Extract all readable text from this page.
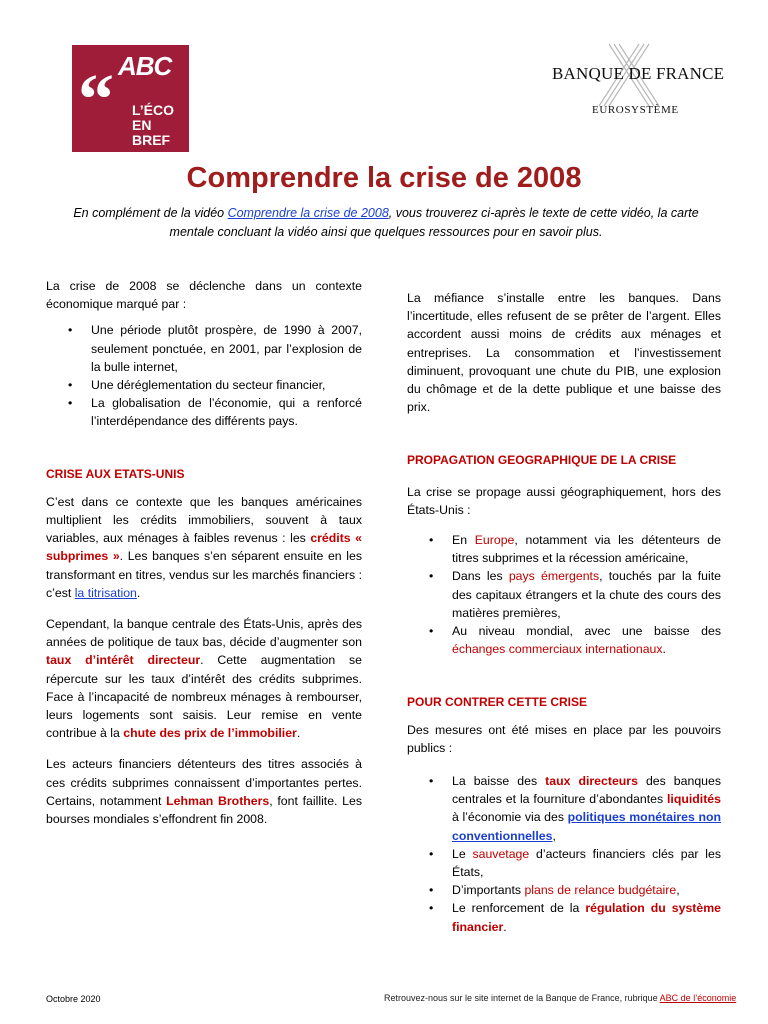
ABC
“ L’ÉCO
EN
BREF
BANQUE DE FRANCE
EUROSYSTÈME
Comprendre la crise de 2008

En complément de la vidéo Comprendre la crise de 2008, vous trouverez ci-après le texte de cette vidéo, la carte
mentale concluant la vidéo ainsi que quelques ressources pour en savoir plus.

La crise de 2008 se déclenche dans un contexte économique marqué par :

• Une période plutôt prospère, de 1990 à 2007, seulement ponctuée, en 2001, par l’explosion de la bulle internet,
• Une déréglementation du secteur financier,
• La globalisation de l’économie, qui a renforcé l’interdépendance des différents pays.

CRISE AUX ETATS-UNIS

C’est dans ce contexte que les banques américaines multiplient les crédits immobiliers, souvent à taux variables, aux ménages à faibles revenus : les crédits « subprimes ». Les banques s’en séparent ensuite en les transformant en titres, vendus sur les marchés financiers : c’est la titrisation.

Cependant, la banque centrale des États-Unis, après des années de politique de taux bas, décide d’augmenter son taux d’intérêt directeur. Cette augmentation se répercute sur les taux d’intérêt des crédits subprimes. Face à l’incapacité de nombreux ménages à rembourser, leurs logements sont saisis. Leur remise en vente contribue à la chute des prix de l’immobilier.

Les acteurs financiers détenteurs des titres associés à ces crédits subprimes connaissent d’importantes pertes. Certains, notamment Lehman Brothers, font faillite. Les bourses mondiales s’effondrent fin 2008.

La méfiance s’installe entre les banques. Dans l’incertitude, elles refusent de se prêter de l’argent. Elles accordent aussi moins de crédits aux ménages et entreprises. La consommation et l’investissement diminuent, provoquant une chute du PIB, une explosion du chômage et de la dette publique et une baisse des prix.

PROPAGATION GEOGRAPHIQUE DE LA CRISE

La crise se propage aussi géographiquement, hors des États-Unis :

• En Europe, notamment via les détenteurs de titres subprimes et la récession américaine,
• Dans les pays émergents, touchés par la fuite des capitaux étrangers et la chute des cours des matières premières,
• Au niveau mondial, avec une baisse des échanges commerciaux internationaux.

POUR CONTRER CETTE CRISE

Des mesures ont été mises en place par les pouvoirs publics :

• La baisse des taux directeurs des banques centrales et la fourniture d’abondantes liquidités à l’économie via des politiques monétaires non conventionnelles,
• Le sauvetage d’acteurs financiers clés par les États,
• D’importants plans de relance budgétaire,
• Le renforcement de la régulation du système financier.
Octobre 2020	Retrouvez-nous sur le site internet de la Banque de France, rubrique ABC de l’économie
